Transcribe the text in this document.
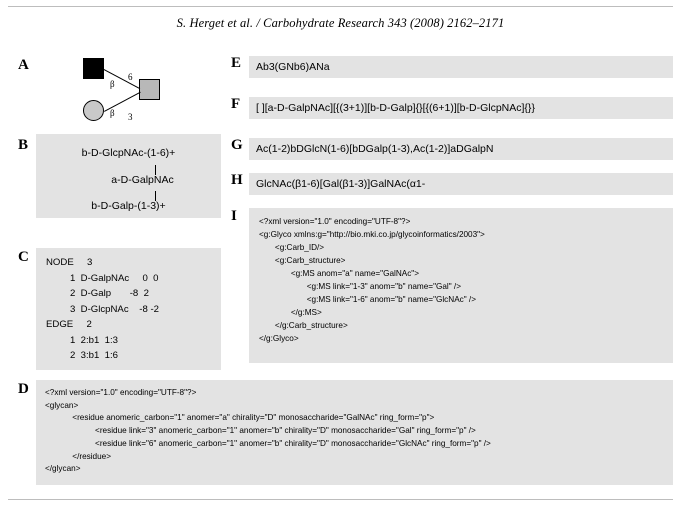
S. Herget et al. / Carbohydrate Research 343 (2008) 2162–2171
A
β
6
β 3
B	b-D-GlcpNAc-(1-6)+
a-D-GalpNAc
b-D-Galp-(1-3)+
C	NODE     3
1  D-GalpNAc     0  0
2  D-Galp       -8  2
3  D-GlcpNAc    -8 -2
EDGE     2
1  2:b1  1:3
2  3:b1  1:6
D	<?xml version="1.0" encoding="UTF-8"?>
<glycan>
<residue anomeric_carbon="1" anomer="a" chirality="D" monosaccharide="GalNAc" ring_form="p">
<residue link="3" anomeric_carbon="1" anomer="b" chirality="D" monosaccharide="Gal" ring_form="p" />
<residue link="6" anomeric_carbon="1" anomer="b" chirality="D" monosaccharide="GlcNAc" ring_form="p" />
</residue>
</glycan>
E Ab3(GNb6)ANa
F [ ][a-D-GalpNAc][{(3+1)][b-D-Galp]{}[{(6+1)][b-D-GlcpNAc]{}}
G Ac(1-2)bDGlcN(1-6)[bDGalp(1-3),Ac(1-2)]aDGalpN
H GlcNAc(β1-6)[Gal(β1-3)]GalNAc(α1-
I	<?xml version="1.0" encoding="UTF-8"?>
<g:Glyco xmlns:g="http://bio.mki.co.jp/glycoinformatics/2003">
<g:Carb_ID/>
<g:Carb_structure>
<g:MS anom="a" name="GalNAc">
<g:MS link="1-3" anom="b" name="Gal" />
<g:MS link="1-6" anom="b" name="GlcNAc" />
</g:MS>
</g:Carb_structure>
</g:Glyco>
